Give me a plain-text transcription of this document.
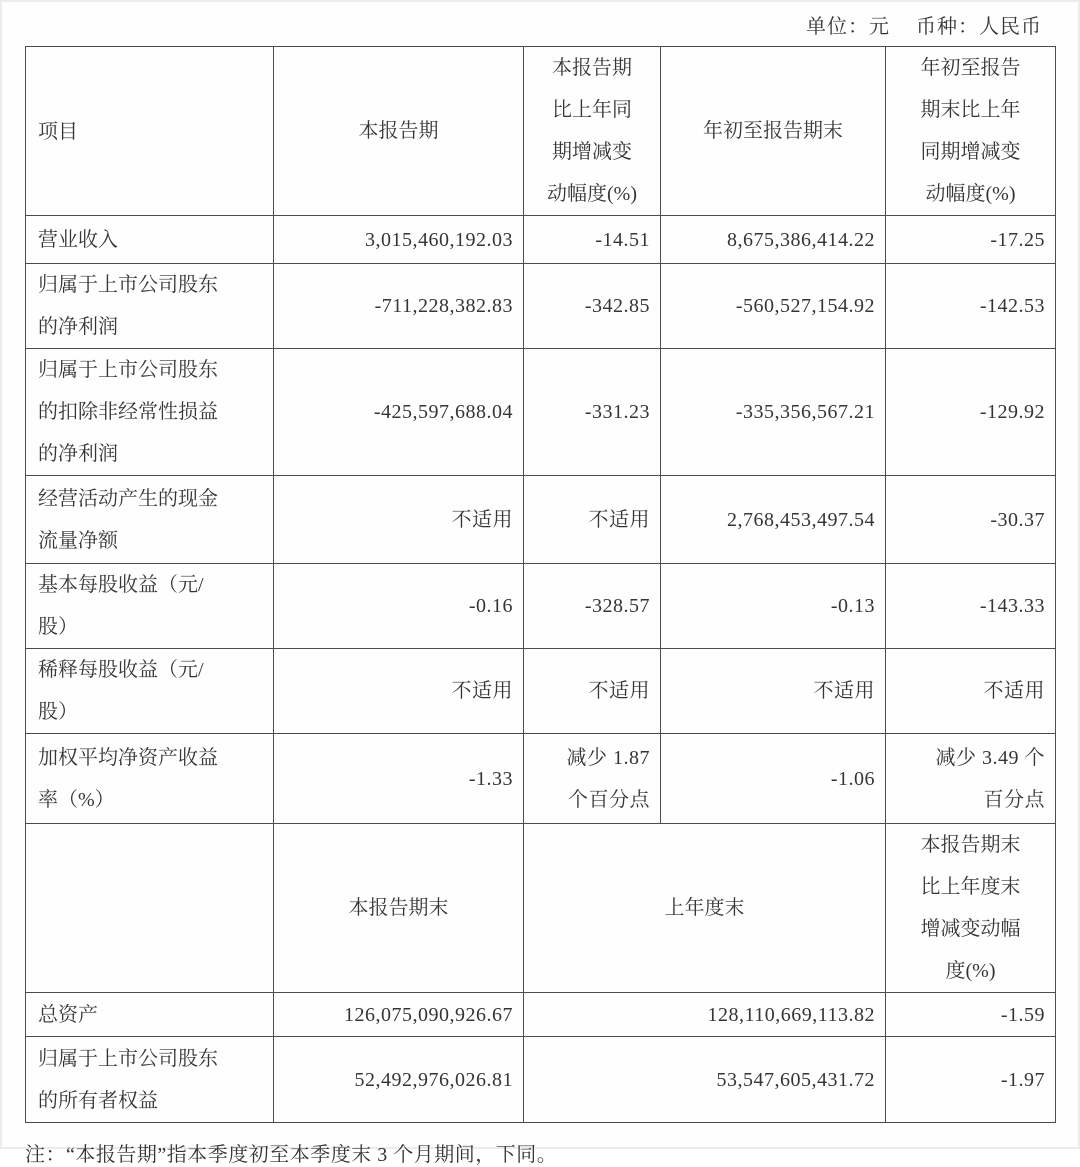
单位：元 币种：人民币
项目	本报告期	本报告期比上年同期增减变动幅度(%)	年初至报告期末	年初至报告期末比上年同期增减变动幅度(%)
营业收入	3,015,460,192.03	-14.51	8,675,386,414.22	-17.25
归属于上市公司股东的净利润	-711,228,382.83	-342.85	-560,527,154.92	-142.53
归属于上市公司股东的扣除非经常性损益的净利润	-425,597,688.04	-331.23	-335,356,567.21	-129.92
经营活动产生的现金流量净额	不适用	不适用	2,768,453,497.54	-30.37
基本每股收益（元/股）	-0.16	-328.57	-0.13	-143.33
稀释每股收益（元/股）	不适用	不适用	不适用	不适用
加权平均净资产收益率（%）	-1.33	减少 1.87 个百分点	-1.06	减少 3.49 个百分点
	本报告期末	上年度末		本报告期末比上年度末增减变动幅度(%)
总资产	126,075,090,926.67	128,110,669,113.82		-1.59
归属于上市公司股东的所有者权益	52,492,976,026.81	53,547,605,431.72		-1.97
注：“本报告期”指本季度初至本季度末 3 个月期间，下同。
